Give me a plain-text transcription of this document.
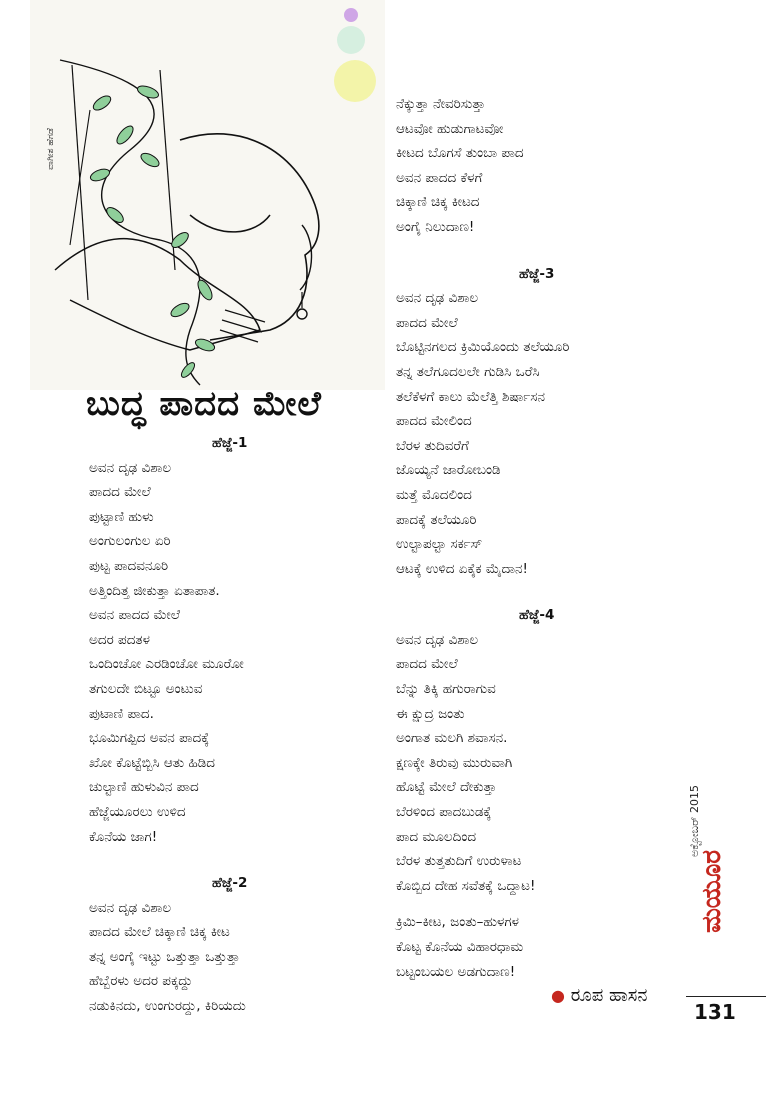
ವಾಗೀಶ ಹೆಗಡೆ
ಬುದ್ಧ ಪಾದದ ಮೇಲೆ
ಹೆಜ್ಜೆ-1
ಅವನ ದೃಢ ವಿಶಾಲ
ಪಾದದ ಮೇಲೆ
ಪುಟ್ಟಾಣಿ ಹುಳು
ಅಂಗುಲಂಗುಲ ಏರಿ
ಪುಟ್ಟ ಪಾದವನೂರಿ
ಅತ್ತಿಂದಿತ್ತ ಜೀಕುತ್ತಾ ಏತಾಪಾತ.
ಅವನ ಪಾದದ ಮೇಲೆ
ಅದರ ಪದತಳ
ಒಂದಿಂಚೋ ಎರಡಿಂಚೋ ಮೂರೋ
ತಗುಲದೇ ಬಿಟ್ಟೂ ಅಂಟುವ
ಪುಟಾಣಿ ಪಾದ.
ಭೂಮಿಗಪ್ಪಿದ ಅವನ ಪಾದಕ್ಕೆ
ಖೋ ಕೊಟ್ಟೆಬ್ಬಿಸಿ ಆತು ಹಿಡಿದ
ಚುಲ್ಟಾಣಿ ಹುಳುವಿನ ಪಾದ
ಹೆಜ್ಜೆಯೂರಲು ಉಳಿದ
ಕೊನೆಯ ಜಾಗ!
ಹೆಜ್ಜೆ-2
ಅವನ ದೃಢ ವಿಶಾಲ
ಪಾದದ ಮೇಲೆ ಚಿಕ್ಕಾಣಿ ಚಿಕ್ಕ ಕೀಟ
ತನ್ನ ಅಂಗೈ ಇಟ್ಟು ಒತ್ತುತ್ತಾ ಒತ್ತುತ್ತಾ
ಹೆಬ್ಬೆರಳು ಅದರ ಪಕ್ಕದ್ದು
ನಡುಕಿನದು, ಉಂಗುರದ್ದು, ಕಿರಿಯದು
ನೆಕ್ಕುತ್ತಾ ನೇವರಿಸುತ್ತಾ
ಆಟವೋ ಹುಡುಗಾಟವೋ
ಕೀಟದ ಬೊಗಸೆ ತುಂಬಾ ಪಾದ
ಅವನ ಪಾದದ ಕೆಳಗೆ
ಚಿಕ್ಕಾಣಿ ಚಿಕ್ಕ ಕೀಟದ
ಅಂಗೈ ನಿಲುದಾಣ!
ಹೆಜ್ಜೆ-3
ಅವನ ದೃಢ ವಿಶಾಲ
ಪಾದದ ಮೇಲೆ
ಬೊಟ್ಟಿನಗಲದ ಕ್ರಿಮಿಯೊಂದು ತಲೆಯೂರಿ
ತನ್ನ ತಲೆಗೂದಲಲೇ ಗುಡಿಸಿ ಒರೆಸಿ
ತಲೆಕೆಳಗೆ ಕಾಲು ಮೆಲೆತ್ತಿ ಶಿರ್ಷಾಸನ
ಪಾದದ ಮೇಲಿಂದ
ಬೆರಳ ತುದಿವರೆಗೆ
ಜೊಯ್ಯನೆ ಜಾರೋಬಂಡಿ
ಮತ್ತೆ ಮೊದಲಿಂದ
ಪಾದಕ್ಕೆ ತಲೆಯೂರಿ
ಉಲ್ಟಾಪಲ್ಟಾ ಸರ್ಕಸ್
ಆಟಕ್ಕೆ ಉಳಿದ ಏಕೈಕ ಮೈದಾನ!
ಹೆಜ್ಜೆ-4
ಅವನ ದೃಢ ವಿಶಾಲ
ಪಾದದ ಮೇಲೆ
ಬೆನ್ನು ತಿಕ್ಕಿ ಹಗುರಾಗುವ
ಈ ಕ್ಷುದ್ರ ಜಂತು
ಅಂಗಾತ ಮಲಗಿ ಶವಾಸನ.
ಕ್ಷಣಕ್ಕೇ ತಿರುವು ಮುರುವಾಗಿ
ಹೊಟ್ಟೆ ಮೇಲೆ ದೇಕುತ್ತಾ
ಬೆರಳಿಂದ ಪಾದಬುಡಕ್ಕೆ
ಪಾದ ಮೂಲದಿಂದ
ಬೆರಳ ತುತ್ತತುದಿಗೆ ಉರುಳಾಟ
ಕೊಬ್ಬಿದ ದೇಹ ಸವೆತಕ್ಕೆ ಒದ್ದಾಟ!
ಕ್ರಿಮಿ–ಕೀಟ, ಜಂತು–ಹುಳಗಳ
ಕೊಟ್ಟ ಕೊನೆಯ ವಿಹಾರಧಾಮ
ಬಟ್ಟಂಬಯಲ ಅಡಗುದಾಣ!
● ರೂಪ ಹಾಸನ
ಅಕ್ಟೋಬರ್ 2015
ಮಯೂರ
131
